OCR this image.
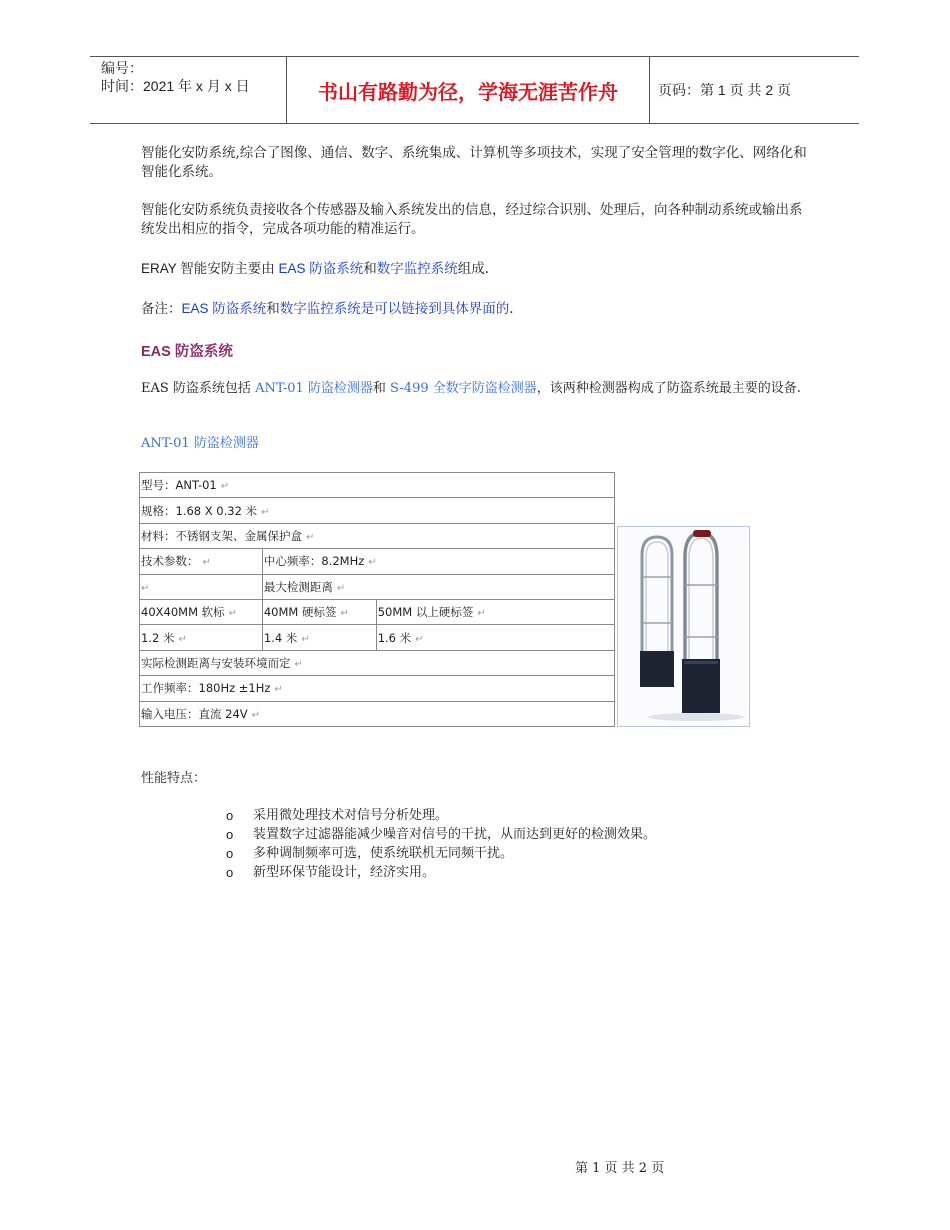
编号：
时间：2021 年 x 月 x 日	书山有路勤为径，学海无涯苦作舟	页码：第 1 页 共 2 页
智能化安防系统,综合了图像、通信、数字、系统集成、计算机等多项技术，实现了安全管理的数字化、网络化和智能化系统。
智能化安防系统负责接收各个传感器及输入系统发出的信息，经过综合识别、处理后，向各种制动系统或输出系统发出相应的指令，完成各项功能的精准运行。
ERAY 智能安防主要由 EAS 防盗系统和数字监控系统组成.
备注：EAS 防盗系统和数字监控系统是可以链接到具体界面的.
EAS 防盗系统
EAS 防盗系统包括 ANT-01 防盗检测器和 S-499 全数字防盗检测器，该两种检测器构成了防盗系统最主要的设备.
ANT-01 防盗检测器
型号：ANT-01 ↵		
规格：1.68 X 0.32 米 ↵		
材料：不锈钢支架、金属保护盒 ↵		
技术参数： ↵	中心频率：8.2MHz ↵	
↵	最大检测距离 ↵	
40X40MM 软标 ↵	40MM 硬标签 ↵	50MM 以上硬标签 ↵
1.2 米 ↵	1.4 米 ↵	1.6 米 ↵
实际检测距离与安装环境而定 ↵		
工作频率：180Hz ±1Hz ↵		
输入电压：直流 24V ↵		
性能特点：
o 采用微处理技术对信号分析处理。
o 装置数字过滤器能减少噪音对信号的干扰，从而达到更好的检测效果。
o 多种调制频率可选，使系统联机无同频干扰。
o 新型环保节能设计，经济实用。
第 1 页 共 2 页
